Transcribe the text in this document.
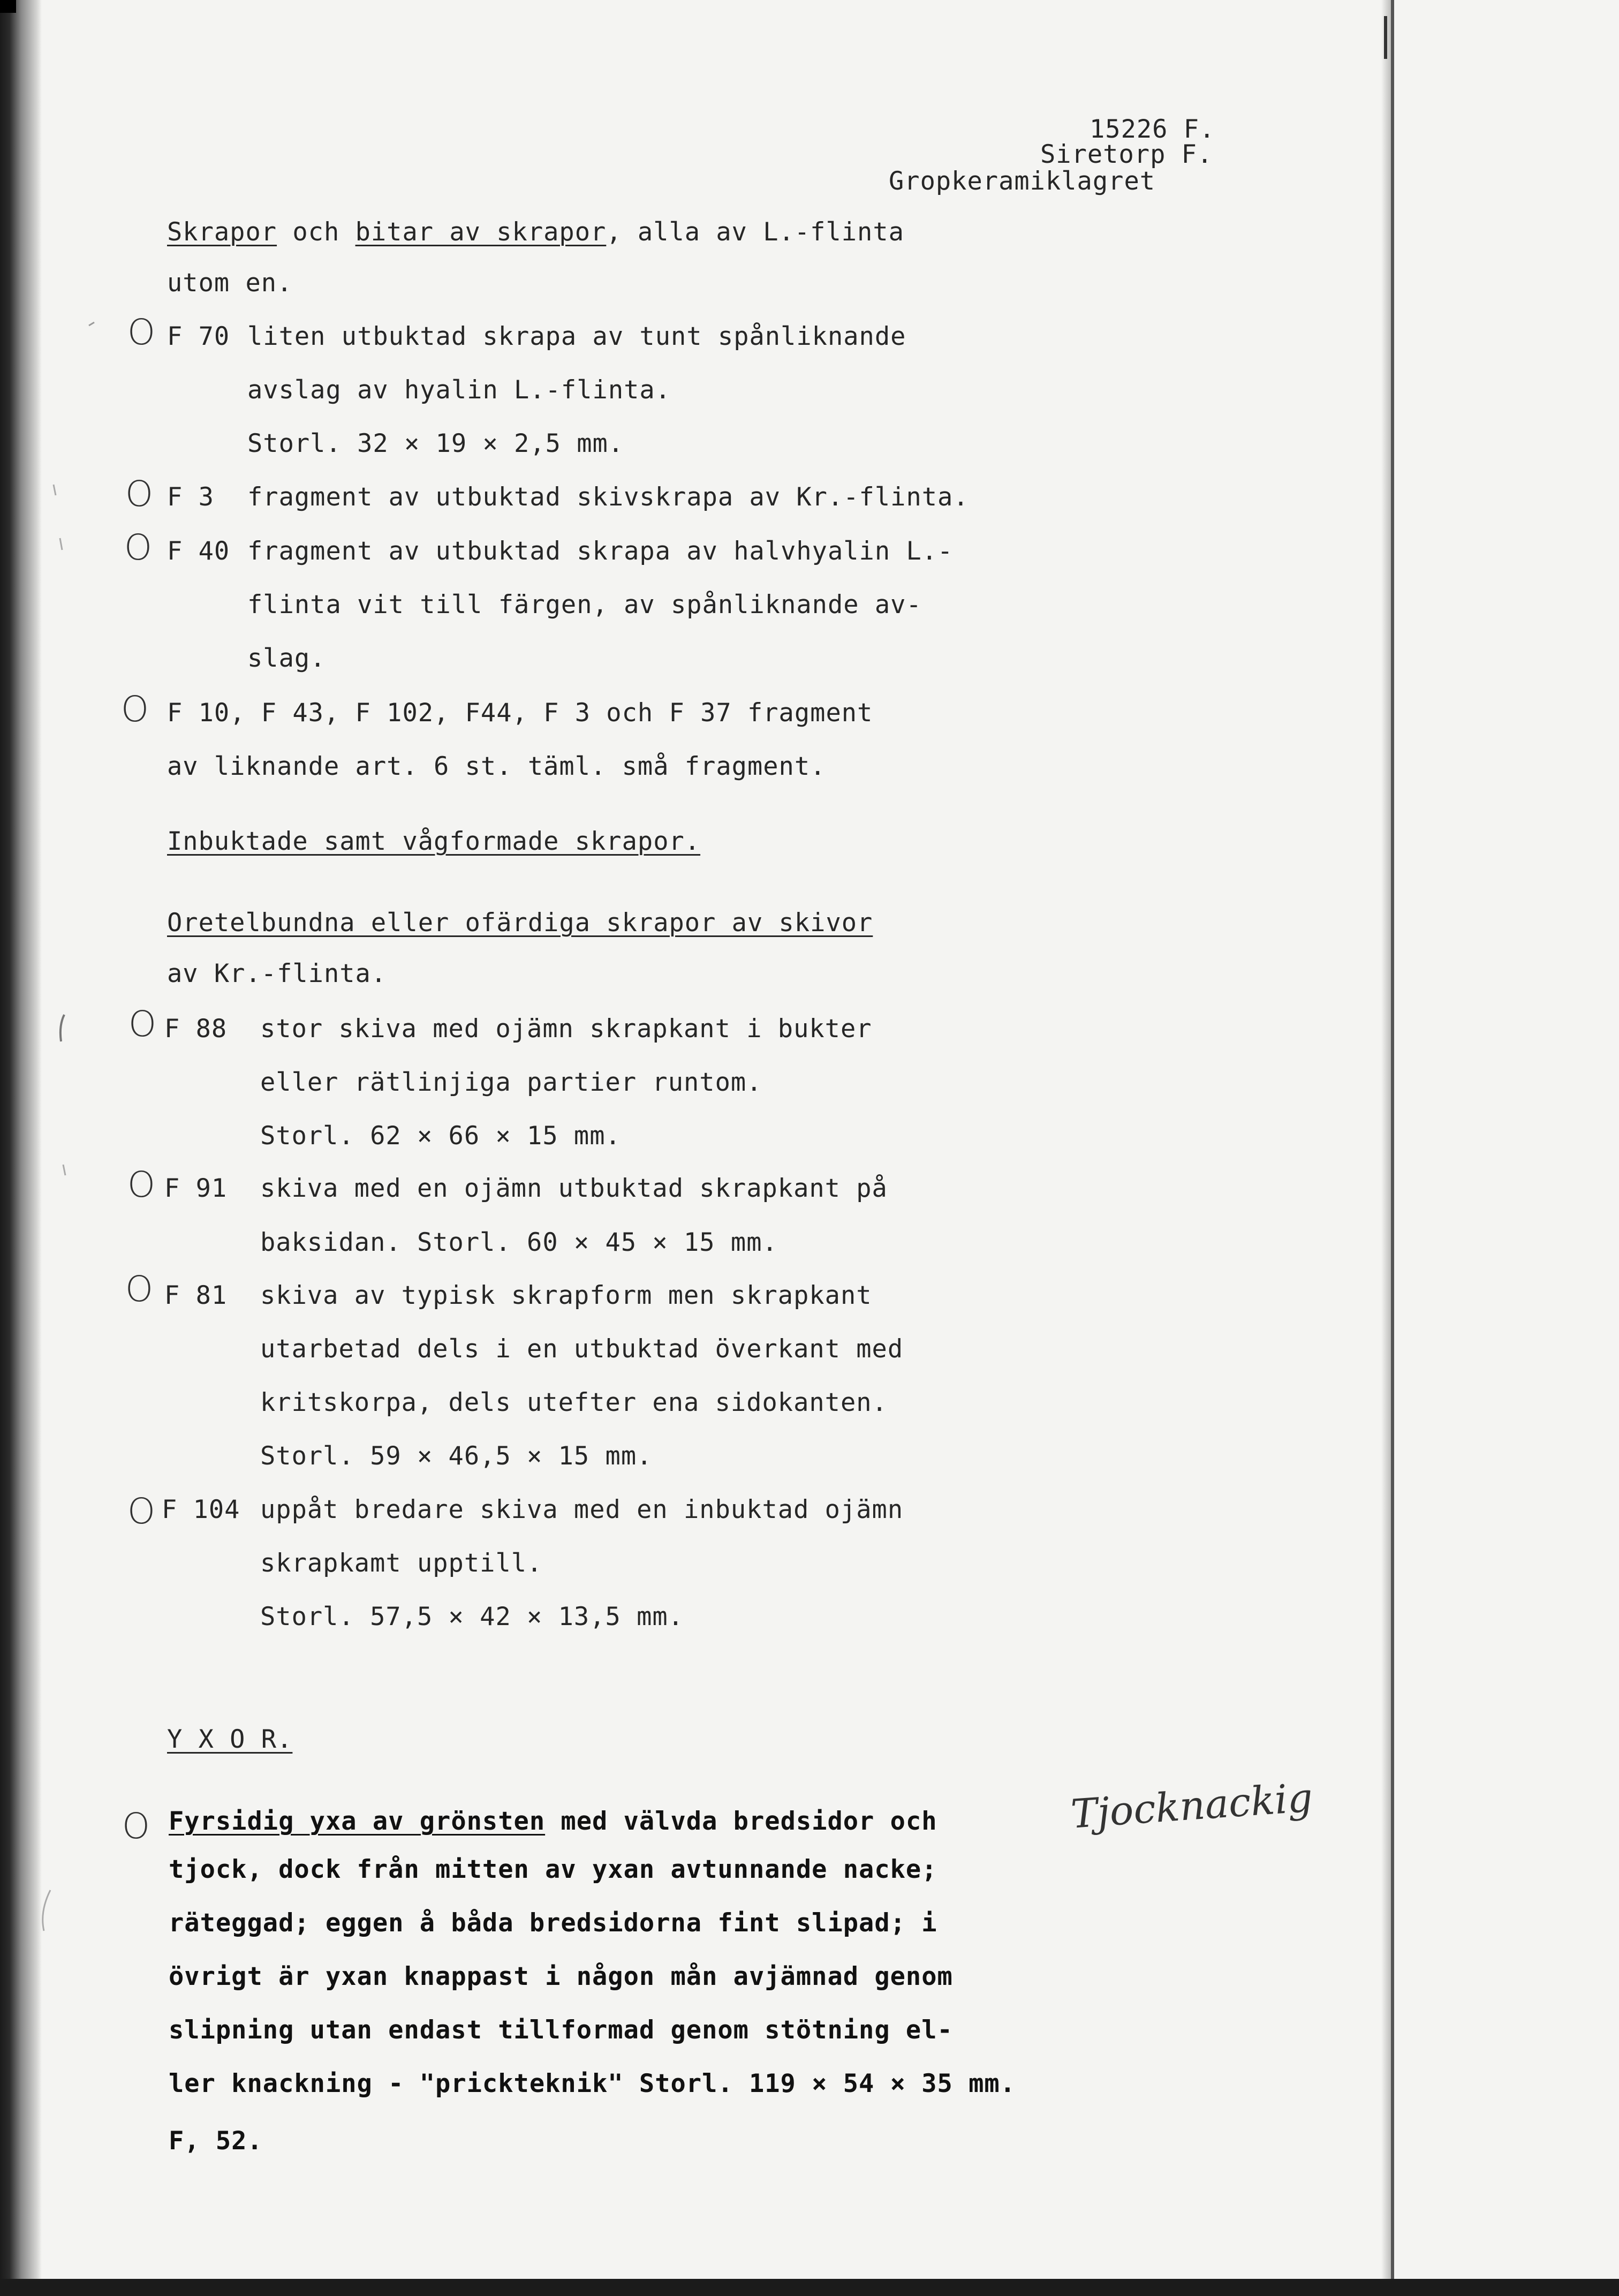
15226 F.
Siretorp F.
Gropkeramiklagret
Skrapor och bitar av skrapor, alla av L.-flinta
utom en.
O F 70 liten utbuktad skrapa av tunt spånliknande
avslag av hyalin L.-flinta.
Storl. 32 × 19 × 2,5 mm.
O F 3 fragment av utbuktad skivskrapa av Kr.-flinta.
O F 40 fragment av utbuktad skrapa av halvhyalin L.-
flinta vit till färgen, av spånliknande av-
slag.
O F 10, F 43, F 102, F44, F 3 och F 37 fragment
av liknande art. 6 st. täml. små fragment.
Inbuktade samt vågformade skrapor.
Oretelbundna eller ofärdiga skrapor av skivor
av Kr.-flinta.
O F 88 stor skiva med ojämn skrapkant i bukter
eller rätlinjiga partier runtom.
Storl. 62 × 66 × 15 mm.
O F 91 skiva med en ojämn utbuktad skrapkant på
baksidan. Storl. 60 × 45 × 15 mm.
O F 81 skiva av typisk skrapform men skrapkant
utarbetad dels i en utbuktad överkant med
kritskorpa, dels utefter ena sidokanten.
Storl. 59 × 46,5 × 15 mm.
O F 104 uppåt bredare skiva med en inbuktad ojämn
skrapkamt upptill.
Storl. 57,5 × 42 × 13,5 mm.
Y X O R.
O Fyrsidig yxa av grönsten med välvda bredsidor och
tjock, dock från mitten av yxan avtunnande nacke;
räteggad; eggen å båda bredsidorna fint slipad; i
övrigt är yxan knappast i någon mån avjämnad genom
slipning utan endast tillformad genom stötning el-
ler knackning - "prickteknik" Storl. 119 × 54 × 35 mm.
F, 52.
Tjocknackig
